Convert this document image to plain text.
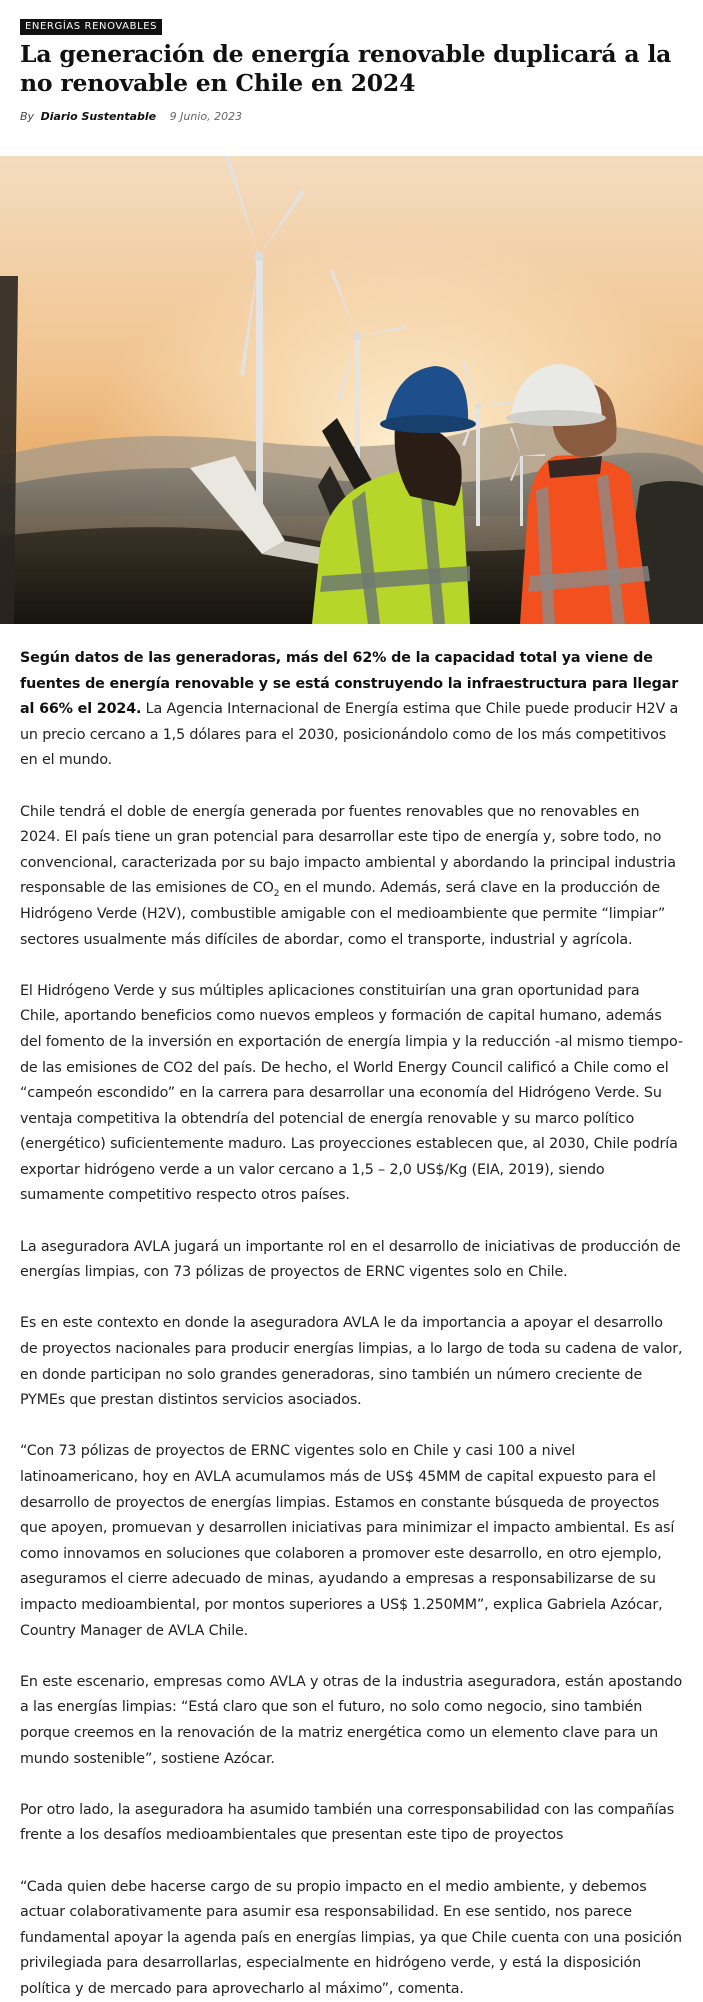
ENERGÍAS RENOVABLES
La generación de energía renovable duplicará a la no renovable en Chile en 2024
By Diario Sustentable 9 Junio, 2023

Según datos de las generadoras, más del 62% de la capacidad total ya viene de fuentes de energía renovable y se está construyendo la infraestructura para llegar al 66% el 2024. La Agencia Internacional de Energía estima que Chile puede producir H2V a un precio cercano a 1,5 dólares para el 2030, posicionándolo como de los más competitivos en el mundo.

Chile tendrá el doble de energía generada por fuentes renovables que no renovables en 2024. El país tiene un gran potencial para desarrollar este tipo de energía y, sobre todo, no convencional, caracterizada por su bajo impacto ambiental y abordando la principal industria responsable de las emisiones de $CO_2$ en el mundo. Además, será clave en la producción de Hidrógeno Verde (H2V), combustible amigable con el medioambiente que permite “limpiar” sectores usualmente más difíciles de abordar, como el transporte, industrial y agrícola.

El Hidrógeno Verde y sus múltiples aplicaciones constituirían una gran oportunidad para Chile, aportando beneficios como nuevos empleos y formación de capital humano, además del fomento de la inversión en exportación de energía limpia y la reducción -al mismo tiempo- de las emisiones de CO2 del país. De hecho, el World Energy Council calificó a Chile como el “campeón escondido” en la carrera para desarrollar una economía del Hidrógeno Verde. Su ventaja competitiva la obtendría del potencial de energía renovable y su marco político (energético) suficientemente maduro. Las proyecciones establecen que, al 2030, Chile podría exportar hidrógeno verde a un valor cercano a 1,5 – 2,0 US$/Kg (EIA, 2019), siendo sumamente competitivo respecto otros países.

La aseguradora AVLA jugará un importante rol en el desarrollo de iniciativas de producción de energías limpias, con 73 pólizas de proyectos de ERNC vigentes solo en Chile.

Es en este contexto en donde la aseguradora AVLA le da importancia a apoyar el desarrollo de proyectos nacionales para producir energías limpias, a lo largo de toda su cadena de valor, en donde participan no solo grandes generadoras, sino también un número creciente de PYMEs que prestan distintos servicios asociados.

“Con 73 pólizas de proyectos de ERNC vigentes solo en Chile y casi 100 a nivel latinoamericano, hoy en AVLA acumulamos más de US$ 45MM de capital expuesto para el desarrollo de proyectos de energías limpias. Estamos en constante búsqueda de proyectos que apoyen, promuevan y desarrollen iniciativas para minimizar el impacto ambiental. Es así como innovamos en soluciones que colaboren a promover este desarrollo, en otro ejemplo, aseguramos el cierre adecuado de minas, ayudando a empresas a responsabilizarse de su impacto medioambiental, por montos superiores a US$ 1.250MM”, explica Gabriela Azócar, Country Manager de AVLA Chile.

En este escenario, empresas como AVLA y otras de la industria aseguradora, están apostando a las energías limpias: “Está claro que son el futuro, no solo como negocio, sino también porque creemos en la renovación de la matriz energética como un elemento clave para un mundo sostenible”, sostiene Azócar.

Por otro lado, la aseguradora ha asumido también una corresponsabilidad con las compañías frente a los desafíos medioambientales que presentan este tipo de proyectos

“Cada quien debe hacerse cargo de su propio impacto en el medio ambiente, y debemos actuar colaborativamente para asumir esa responsabilidad. En ese sentido, nos parece fundamental apoyar la agenda país en energías limpias, ya que Chile cuenta con una posición privilegiada para desarrollarlas, especialmente en hidrógeno verde, y está la disposición política y de mercado para aprovecharlo al máximo”, comenta.
